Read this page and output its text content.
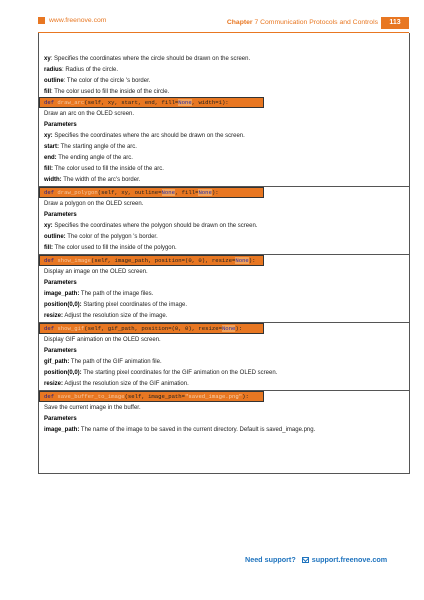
www.freenove.com	Chapter 7 Communication Protocols and Controls	113
xy: Specifies the coordinates where the circle should be drawn on the screen.
radius: Radius of the circle.
outline: The color of the circle 's border.
fill: The color used to fill the inside of the circle.
def draw_arc(self, xy, start, end, fill=None, width=1):
Draw an arc on the OLED screen.
Parameters
xy: Specifies the coordinates where the arc should be drawn on the screen.
start: The starting angle of the arc.
end: The ending angle of the arc.
fill: The color used to fill the inside of the arc.
width: The width of the arc's border.
def draw_polygon(self, xy, outline=None, fill=None):
Draw a polygon on the OLED screen.
Parameters
xy: Specifies the coordinates where the polygon should be drawn on the screen.
outline: The color of the polygon 's border.
fill: The color used to fill the inside of the polygon.
def show_image(self, image_path, position=(0, 0), resize=None):
Display an image on the OLED screen.
Parameters
image_path: The path of the image files.
position(0,0): Starting pixel coordinates of the image.
resize: Adjust the resolution size of the image.
def show_gif(self, gif_path, position=(0, 0), resize=None):
Display GIF animation on the OLED screen.
Parameters
gif_path: The path of the GIF animation file.
position(0,0): The starting pixel coordinates for the GIF animation on the OLED screen.
resize: Adjust the resolution size of the GIF animation.
def save_buffer_to_image(self, image_path="saved_image.png"):
Save the current image in the buffer.
Parameters
image_path: The name of the image to be saved in the current directory. Default is saved_image.png.
Need support? support.freenove.com
